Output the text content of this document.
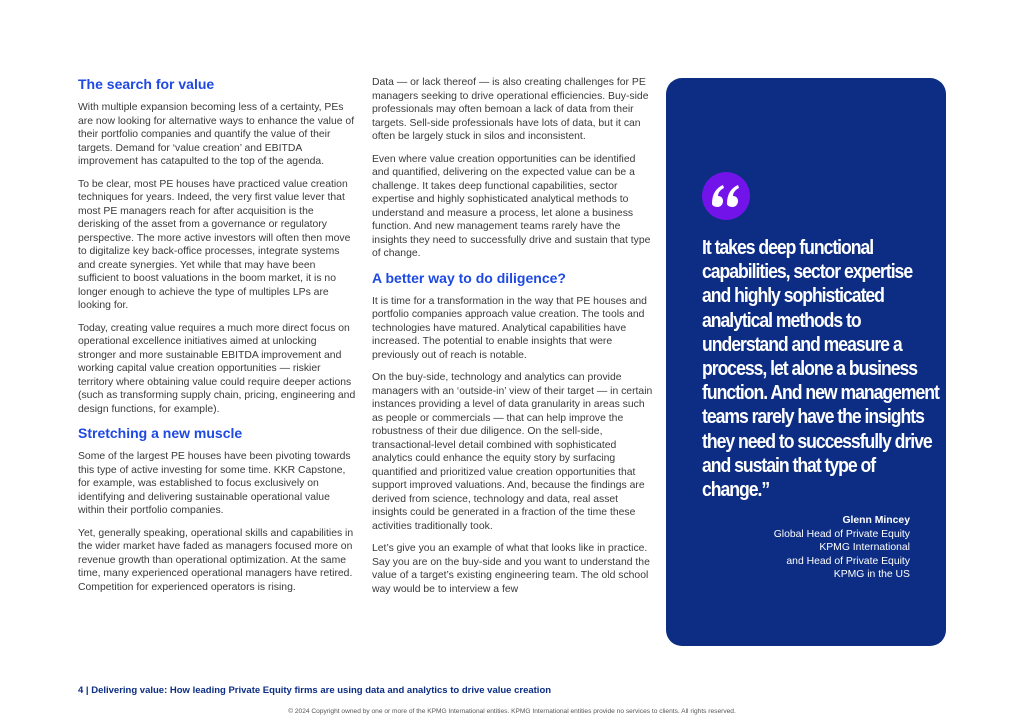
The search for value

With multiple expansion becoming less of a certainty, PEs are now looking for alternative ways to enhance the value of their portfolio companies and quantify the value of their targets. Demand for ‘value creation’ and EBITDA improvement has catapulted to the top of the agenda.

To be clear, most PE houses have practiced value creation techniques for years. Indeed, the very first value lever that most PE managers reach for after acquisition is the derisking of the asset from a governance or regulatory perspective. The more active investors will often then move to digitalize key back-office processes, integrate systems and create synergies. Yet while that may have been sufficient to boost valuations in the boom market, it is no longer enough to achieve the type of multiples LPs are looking for.

Today, creating value requires a much more direct focus on operational excellence initiatives aimed at unlocking stronger and more sustainable EBITDA improvement and working capital value creation opportunities — riskier territory where obtaining value could require deeper actions (such as transforming supply chain, pricing, engineering and design functions, for example).

Stretching a new muscle

Some of the largest PE houses have been pivoting towards this type of active investing for some time. KKR Capstone, for example, was established to focus exclusively on identifying and delivering sustainable operational value within their portfolio companies.

Yet, generally speaking, operational skills and capabilities in the wider market have faded as managers focused more on revenue growth than operational optimization. At the same time, many experienced operational managers have retired. Competition for experienced operators is rising.

Data — or lack thereof — is also creating challenges for PE managers seeking to drive operational efficiencies. Buy-side professionals may often bemoan a lack of data from their targets. Sell-side professionals have lots of data, but it can often be largely stuck in silos and inconsistent.

Even where value creation opportunities can be identified and quantified, delivering on the expected value can be a challenge. It takes deep functional capabilities, sector expertise and highly sophisticated analytical methods to understand and measure a process, let alone a business function. And new management teams rarely have the insights they need to successfully drive and sustain that type of change.

A better way to do diligence?

It is time for a transformation in the way that PE houses and portfolio companies approach value creation. The tools and technologies have matured. Analytical capabilities have increased. The potential to enable insights that were previously out of reach is notable.

On the buy-side, technology and analytics can provide managers with an ‘outside-in’ view of their target — in certain instances providing a level of data granularity in areas such as people or commercials — that can help improve the robustness of their due diligence. On the sell-side, transactional-level detail combined with sophisticated analytics could enhance the equity story by surfacing quantified and prioritized value creation opportunities that support improved valuations. And, because the findings are derived from science, technology and data, real asset insights could be generated in a fraction of the time these activities traditionally took.

Let’s give you an example of what that looks like in practice. Say you are on the buy-side and you want to understand the value of a target’s existing engineering team. The old school way would be to interview a few

It takes deep functional capabilities, sector expertise and highly sophisticated analytical methods to understand and measure a process, let alone a business function. And new management teams rarely have the insights they need to successfully drive and sustain that type of change.”

Glenn Mincey
Global Head of Private Equity
KPMG International
and Head of Private Equity
KPMG in the US
4 | Delivering value: How leading Private Equity firms are using data and analytics to drive value creation
© 2024 Copyright owned by one or more of the KPMG International entities. KPMG International entities provide no services to clients. All rights reserved.
